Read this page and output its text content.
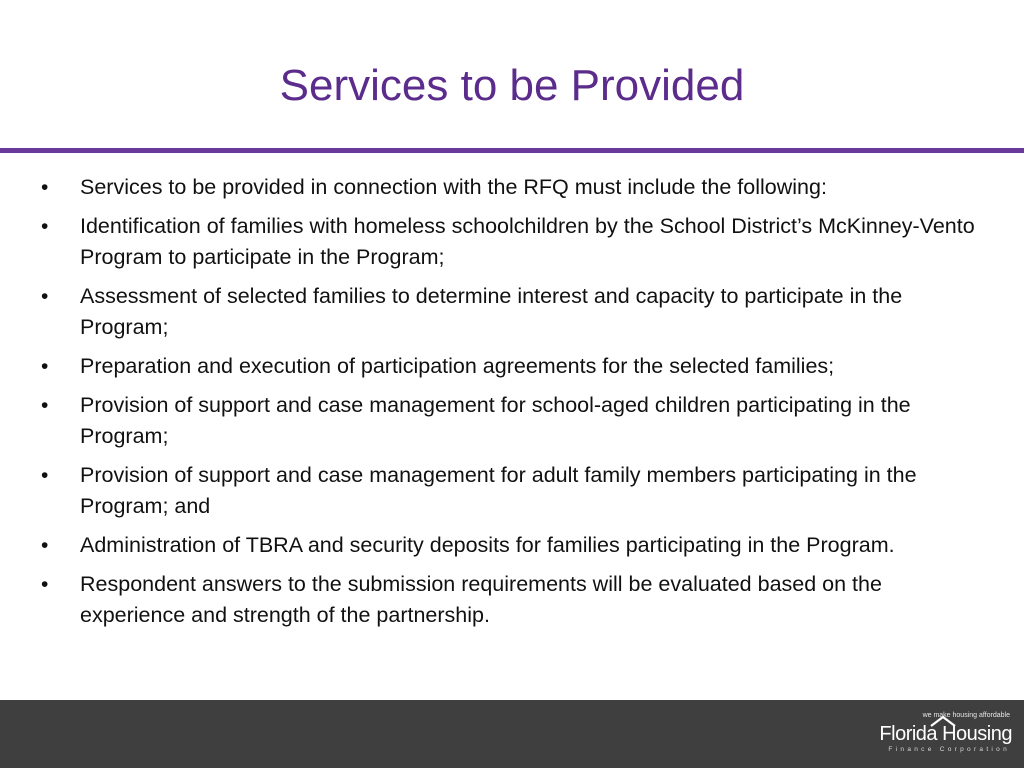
Services to be Provided
• Services to be provided in connection with the RFQ must include the following:
• Identification of families with homeless schoolchildren by the School District’s McKinney-Vento Program to participate in the Program;
• Assessment of selected families to determine interest and capacity to participate in the Program;
• Preparation and execution of participation agreements for the selected families;
• Provision of support and case management for school-aged children participating in the Program;
• Provision of support and case management for adult family members participating in the Program; and
• Administration of TBRA and security deposits for families participating in the Program.
• Respondent answers to the submission requirements will be evaluated based on the experience and strength of the partnership.
we make housing affordable
Florida Housing
Finance Corporation
